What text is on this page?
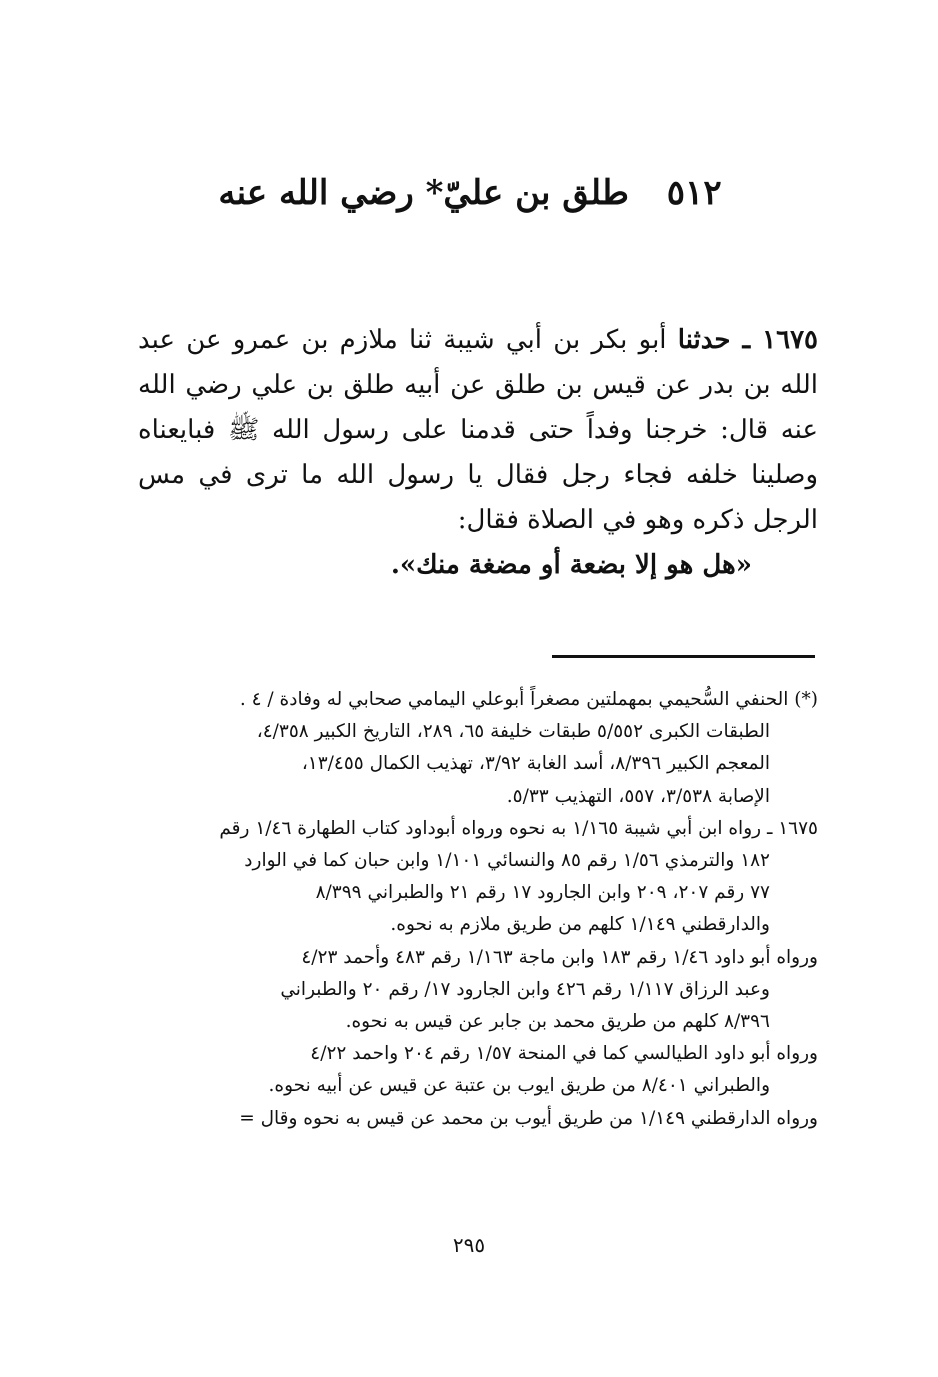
٥١٢ طلق بن عليّ* رضي الله عنه

١٦٧٥ ـ حدثنا أبو بكر بن أبي شيبة ثنا ملازم بن عمرو عن عبد الله بن بدر عن قيس بن طلق عن أبيه طلق بن علي رضي الله عنه قال: خرجنا وفداً حتى قدمنا على رسول الله ﷺ فبايعناه وصلينا خلفه فجاء رجل فقال يا رسول الله ما ترى في مس الرجل ذكره وهو في الصلاة فقال:

«هل هو إلا بضعة أو مضغة منك».

(*) الحنفي السُّحيمي بمهملتين مصغراً أبوعلي اليمامي صحابي له وفادة / ٤ .
الطبقات الكبرى ٥/٥٥٢ طبقات خليفة ٦٥، ٢٨٩، التاريخ الكبير ٤/٣٥٨،
المعجم الكبير ٨/٣٩٦، أسد الغابة ٣/٩٢، تهذيب الكمال ١٣/٤٥٥،
الإصابة ٣/٥٣٨، ٥٥٧، التهذيب ٥/٣٣.
١٦٧٥ ـ رواه ابن أبي شيبة ١/١٦٥ به نحوه ورواه أبوداود كتاب الطهارة ١/٤٦ رقم
١٨٢ والترمذي ١/٥٦ رقم ٨٥ والنسائي ١/١٠١ وابن حبان كما في الوارد
٧٧ رقم ٢٠٧، ٢٠٩ وابن الجارود ١٧ رقم ٢١ والطبراني ٨/٣٩٩
والدارقطني ١/١٤٩ كلهم من طريق ملازم به نحوه.
ورواه أبو داود ١/٤٦ رقم ١٨٣ وابن ماجة ١/١٦٣ رقم ٤٨٣ وأحمد ٤/٢٣
وعبد الرزاق ١/١١٧ رقم ٤٢٦ وابن الجارود ١٧/ رقم ٢٠ والطبراني
٨/٣٩٦ كلهم من طريق محمد بن جابر عن قيس به نحوه.
ورواه أبو داود الطيالسي كما في المنحة ١/٥٧ رقم ٢٠٤ واحمد ٤/٢٢
والطبراني ٨/٤٠١ من طريق ايوب بن عتبة عن قيس عن أبيه نحوه.
ورواه الدارقطني ١/١٤٩ من طريق أيوب بن محمد عن قيس به نحوه وقال =
٢٩٥
